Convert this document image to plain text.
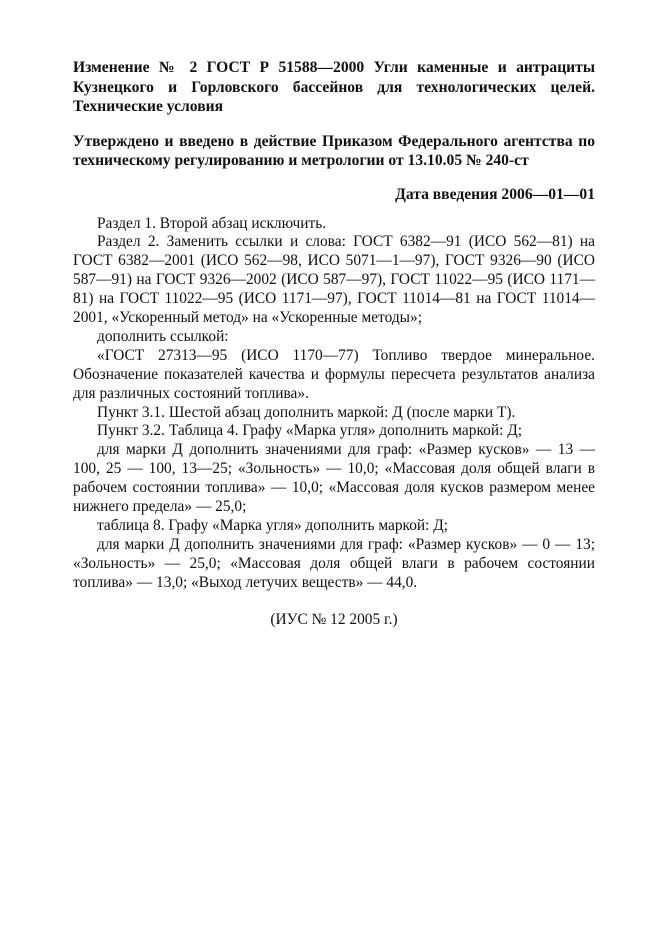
Изменение № 2 ГОСТ Р 51588—2000 Угли каменные и антрациты Кузнецкого и Горловского бассейнов для технологических целей. Технические условия

Утверждено и введено в действие Приказом Федерального агентства по техническому регулированию и метрологии от 13.10.05 № 240-ст

Дата введения 2006—01—01

Раздел 1. Второй абзац исключить.

Раздел 2. Заменить ссылки и слова: ГОСТ 6382—91 (ИСО 562—81) на ГОСТ 6382—2001 (ИСО 562—98, ИСО 5071—1—97), ГОСТ 9326—90 (ИСО 587—91) на ГОСТ 9326—2002 (ИСО 587—97), ГОСТ 11022—95 (ИСО 1171—81) на ГОСТ 11022—95 (ИСО 1171—97), ГОСТ 11014—81 на ГОСТ 11014—2001, «Ускоренный метод» на «Ускоренные методы»;

дополнить ссылкой:

«ГОСТ 27313—95 (ИСО 1170—77) Топливо твердое минеральное. Обозначение показателей качества и формулы пересчета результатов анализа для различных состояний топлива».

Пункт 3.1. Шестой абзац дополнить маркой: Д (после марки Т).

Пункт 3.2. Таблица 4. Графу «Марка угля» дополнить маркой: Д;

для марки Д дополнить значениями для граф: «Размер кусков» — 13 — 100, 25 — 100, 13—25; «Зольность» — 10,0; «Массовая доля общей влаги в рабочем состоянии топлива» — 10,0; «Массовая доля кусков размером менее нижнего предела» — 25,0;

таблица 8. Графу «Марка угля» дополнить маркой: Д;

для марки Д дополнить значениями для граф: «Размер кусков» — 0 — 13; «Зольность» — 25,0; «Массовая доля общей влаги в рабочем состоянии топлива» — 13,0; «Выход летучих веществ» — 44,0.

(ИУС № 12 2005 г.)
